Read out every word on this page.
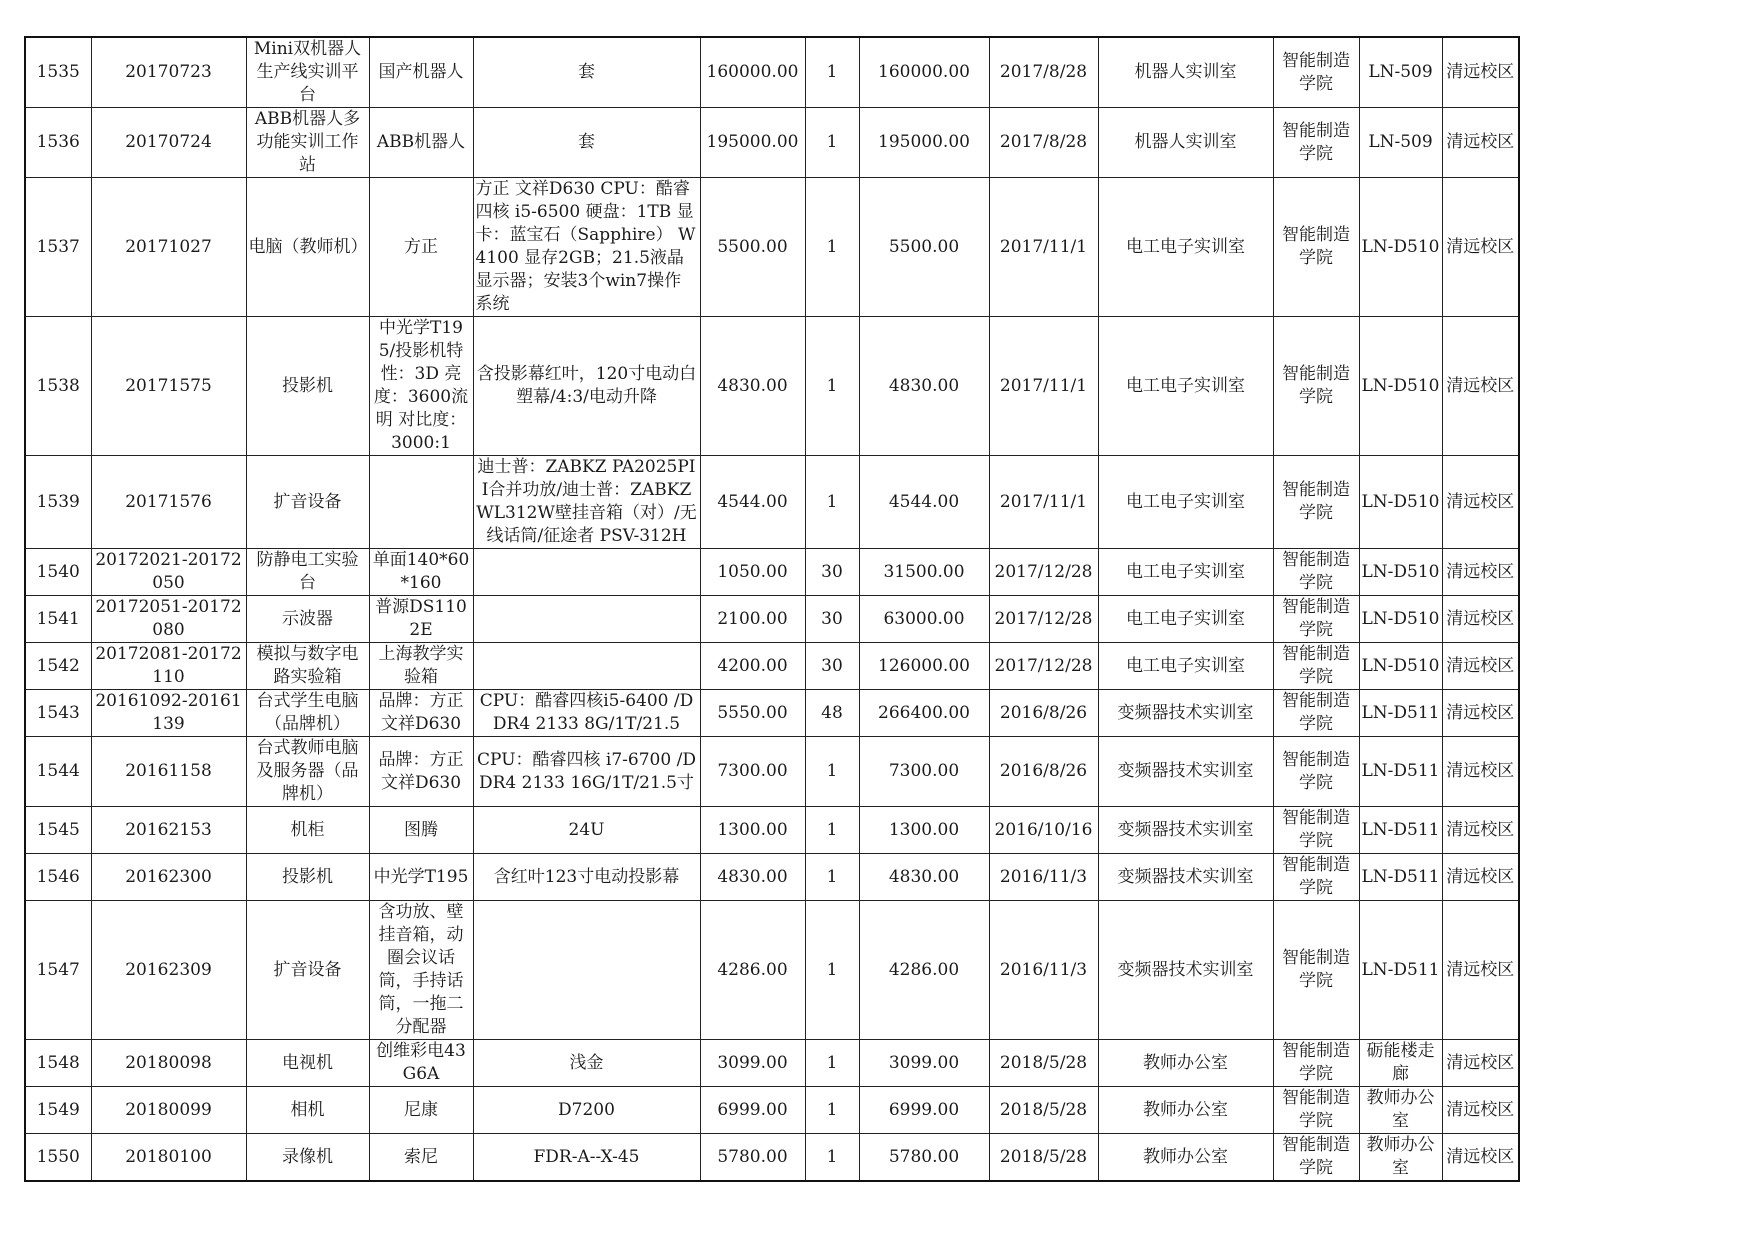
1535	20170723	Mini双机器人生产线实训平台	国产机器人	套	160000.00	1	160000.00	2017/8/28	机器人实训室	智能制造学院	LN-509	清远校区
1536	20170724	ABB机器人多功能实训工作站	ABB机器人	套	195000.00	1	195000.00	2017/8/28	机器人实训室	智能制造学院	LN-509	清远校区
1537	20171027	电脑（教师机）	方正	方正 文祥D630 CPU：酷睿 四核 i5-6500 硬盘：1TB 显卡：蓝宝石（Sapphire） W4100 显存2GB；21.5液晶显示器；安装3个win7操作系统	5500.00	1	5500.00	2017/11/1	电工电子实训室	智能制造学院	LN-D510	清远校区
1538	20171575	投影机	中光学T195/投影机特性：3D 亮度：3600流明 对比度：3000:1	含投影幕红叶，120寸电动白塑幕/4:3/电动升降	4830.00	1	4830.00	2017/11/1	电工电子实训室	智能制造学院	LN-D510	清远校区
1539	20171576	扩音设备		迪士普：ZABKZ PA2025PII合并功放/迪士普：ZABKZ WL312W壁挂音箱（对）/无线话筒/征途者 PSV-312H	4544.00	1	4544.00	2017/11/1	电工电子实训室	智能制造学院	LN-D510	清远校区
1540	20172021-20172050	防静电工实验台	单面140*60*160		1050.00	30	31500.00	2017/12/28	电工电子实训室	智能制造学院	LN-D510	清远校区
1541	20172051-20172080	示波器	普源DS1102E		2100.00	30	63000.00	2017/12/28	电工电子实训室	智能制造学院	LN-D510	清远校区
1542	20172081-20172110	模拟与数字电路实验箱	上海教学实验箱		4200.00	30	126000.00	2017/12/28	电工电子实训室	智能制造学院	LN-D510	清远校区
1543	20161092-20161139	台式学生电脑（品牌机）	品牌：方正文祥D630	CPU：酷睿四核i5-6400 /DDR4 2133 8G/1T/21.5	5550.00	48	266400.00	2016/8/26	变频器技术实训室	智能制造学院	LN-D511	清远校区
1544	20161158	台式教师电脑及服务器（品牌机）	品牌：方正文祥D630	CPU：酷睿四核 i7-6700 /DDR4 2133 16G/1T/21.5寸	7300.00	1	7300.00	2016/8/26	变频器技术实训室	智能制造学院	LN-D511	清远校区
1545	20162153	机柜	图腾	24U	1300.00	1	1300.00	2016/10/16	变频器技术实训室	智能制造学院	LN-D511	清远校区
1546	20162300	投影机	中光学T195	含红叶123寸电动投影幕	4830.00	1	4830.00	2016/11/3	变频器技术实训室	智能制造学院	LN-D511	清远校区
1547	20162309	扩音设备	含功放、壁挂音箱，动圈会议话筒，手持话筒，一拖二分配器		4286.00	1	4286.00	2016/11/3	变频器技术实训室	智能制造学院	LN-D511	清远校区
1548	20180098	电视机	创维彩电43G6A	浅金	3099.00	1	3099.00	2018/5/28	教师办公室	智能制造学院	砺能楼走廊	清远校区
1549	20180099	相机	尼康	D7200	6999.00	1	6999.00	2018/5/28	教师办公室	智能制造学院	教师办公室	清远校区
1550	20180100	录像机	索尼	FDR-A--X-45	5780.00	1	5780.00	2018/5/28	教师办公室	智能制造学院	教师办公室	清远校区
